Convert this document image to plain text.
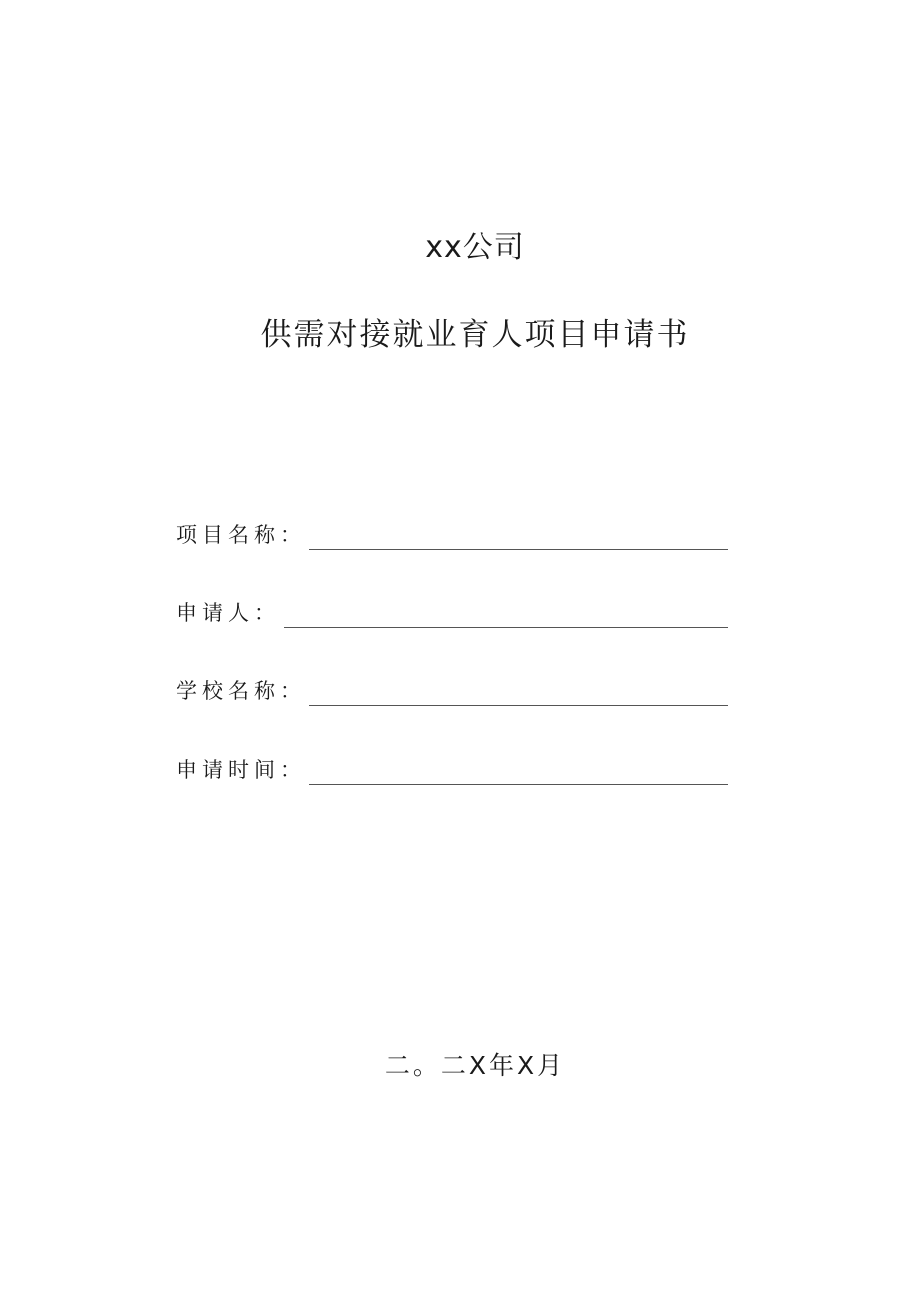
xx公司
供需对接就业育人项目申请书
项目名称：
申请人：
学校名称：
申请时间：
二。二X年X月
